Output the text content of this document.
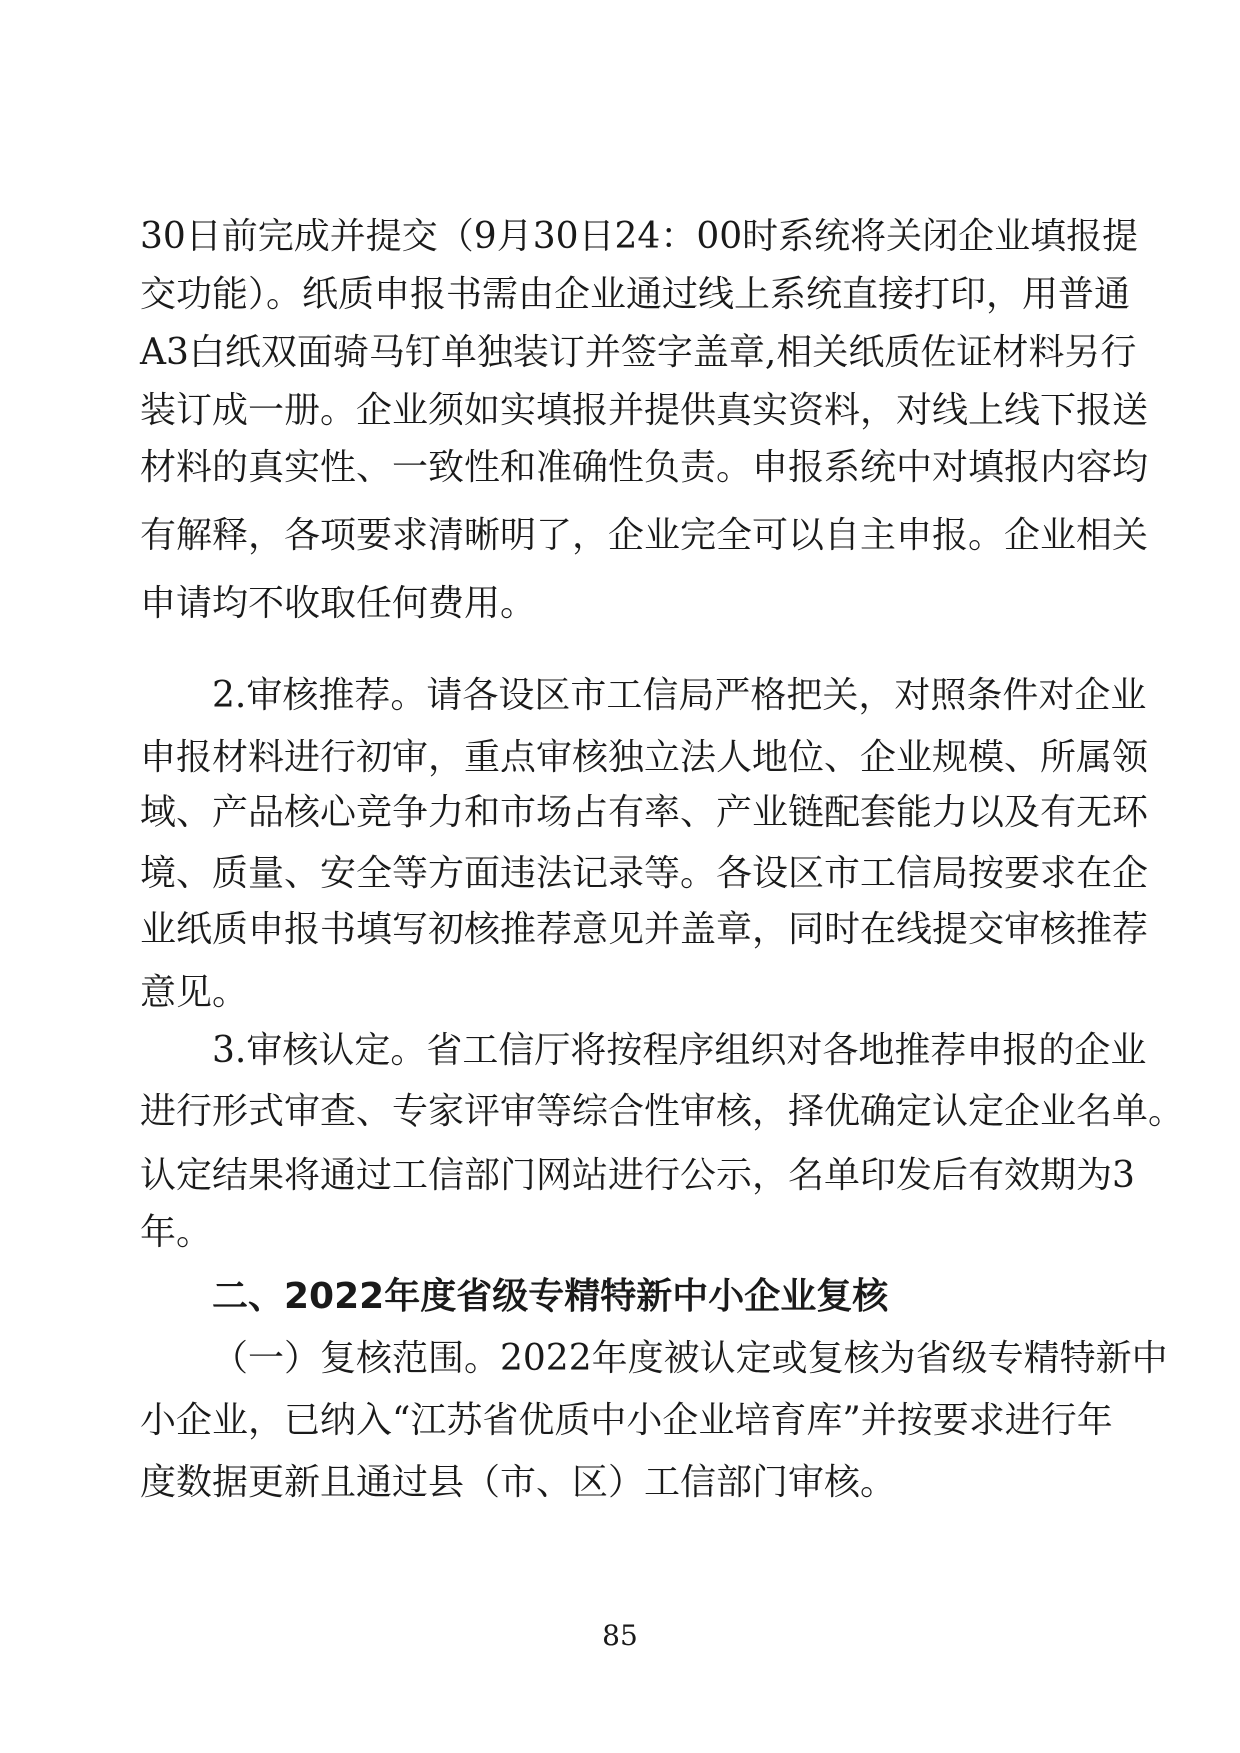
30日前完成并提交（9月30日24：00时系统将关闭企业填报提
交功能）。纸质申报书需由企业通过线上系统直接打印，用普通
A3白纸双面骑马钉单独装订并签字盖章,相关纸质佐证材料另行
装订成一册。企业须如实填报并提供真实资料，对线上线下报送
材料的真实性、一致性和准确性负责。申报系统中对填报内容均
有解释，各项要求清晰明了，企业完全可以自主申报。企业相关
申请均不收取任何费用。
2.审核推荐。请各设区市工信局严格把关，对照条件对企业
申报材料进行初审，重点审核独立法人地位、企业规模、所属领
域、产品核心竞争力和市场占有率、产业链配套能力以及有无环
境、质量、安全等方面违法记录等。各设区市工信局按要求在企
业纸质申报书填写初核推荐意见并盖章，同时在线提交审核推荐
意见。
3.审核认定。省工信厅将按程序组织对各地推荐申报的企业
进行形式审查、专家评审等综合性审核，择优确定认定企业名单。
认定结果将通过工信部门网站进行公示，名单印发后有效期为3
年。
二、2022年度省级专精特新中小企业复核
（一）复核范围。2022年度被认定或复核为省级专精特新中
小企业，已纳入“江苏省优质中小企业培育库”并按要求进行年
度数据更新且通过县（市、区）工信部门审核。
85
